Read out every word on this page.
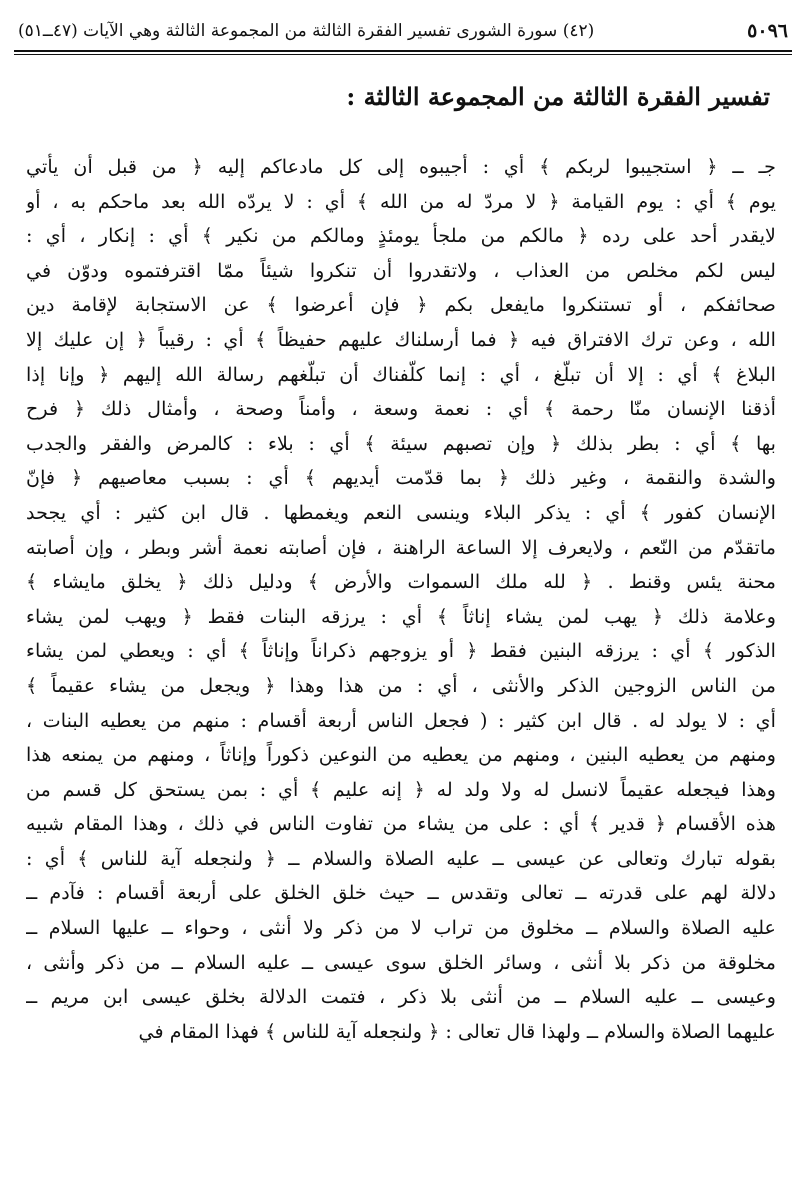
٥٠٩٦
(٤٢) سورة الشورى تفسير الفقرة الثالثة من المجموعة الثالثة وهي الآيات (٤٧ــ٥١)
تفسير الفقرة الثالثة من المجموعة الثالثة :
جـ ــ ﴿ استجيبوا لربكم ﴾ أي : أجيبوه إلى كل مادعاكم إليه ﴿ من قبل أن يأتي
يوم ﴾ أي : يوم القيامة ﴿ لا مردّ له من الله ﴾ أي : لا يردّه الله بعد ماحكم به ، أو
لايقدر أحد على رده ﴿ مالكم من ملجأ يومئذٍ ومالكم من نكير ﴾ أي : إنكار ، أي :
ليس لكم مخلص من العذاب ، ولاتقدروا أن تنكروا شيئاً ممّا اقترفتموه ودوّن في
صحائفكم ، أو تستنكروا مايفعل بكم ﴿ فإن أعرضوا ﴾ عن الاستجابة لإقامة دين
الله ، وعن ترك الافتراق فيه ﴿ فما أرسلناك عليهم حفيظاً ﴾ أي : رقيباً ﴿ إن عليك إلا
البلاغ ﴾ أي : إلا أن تبلّغ ، أي : إنما كلّفناك أن تبلّغهم رسالة الله إليهم ﴿ وإنا إذا
أذقنا الإنسان منّا رحمة ﴾ أي : نعمة وسعة ، وأمناً وصحة ، وأمثال ذلك ﴿ فرح
بها ﴾ أي : بطر بذلك ﴿ وإن تصبهم سيئة ﴾ أي : بلاء : كالمرض والفقر والجدب
والشدة والنقمة ، وغير ذلك ﴿ بما قدّمت أيديهم ﴾ أي : بسبب معاصيهم ﴿ فإنّ
الإنسان كفور ﴾ أي : يذكر البلاء وينسى النعم ويغمطها . قال ابن كثير : أي يجحد
ماتقدّم من النّعم ، ولايعرف إلا الساعة الراهنة ، فإن أصابته نعمة أشر وبطر ، وإن أصابته
محنة يئس وقنط . ﴿ لله ملك السموات والأرض ﴾ ودليل ذلك ﴿ يخلق مايشاء ﴾
وعلامة ذلك ﴿ يهب لمن يشاء إناثاً ﴾ أي : يرزقه البنات فقط ﴿ ويهب لمن يشاء
الذكور ﴾ أي : يرزقه البنين فقط ﴿ أو يزوجهم ذكراناً وإناثاً ﴾ أي : ويعطي لمن يشاء
من الناس الزوجين الذكر والأنثى ، أي : من هذا وهذا ﴿ ويجعل من يشاء عقيماً ﴾
أي : لا يولد له . قال ابن كثير : ( فجعل الناس أربعة أقسام : منهم من يعطيه البنات ،
ومنهم من يعطيه البنين ، ومنهم من يعطيه من النوعين ذكوراً وإناثاً ، ومنهم من يمنعه هذا
وهذا فيجعله عقيماً لانسل له ولا ولد له ﴿ إنه عليم ﴾ أي : بمن يستحق كل قسم من
هذه الأقسام ﴿ قدير ﴾ أي : على من يشاء من تفاوت الناس في ذلك ، وهذا المقام شبيه
بقوله تبارك وتعالى عن عيسى ــ عليه الصلاة والسلام ــ ﴿ ولنجعله آية للناس ﴾ أي :
دلالة لهم على قدرته ــ تعالى وتقدس ــ حيث خلق الخلق على أربعة أقسام : فآدم ــ
عليه الصلاة والسلام ــ مخلوق من تراب لا من ذكر ولا أنثى ، وحواء ــ عليها السلام ــ
مخلوقة من ذكر بلا أنثى ، وسائر الخلق سوى عيسى ــ عليه السلام ــ من ذكر وأنثى ،
وعيسى ــ عليه السلام ــ من أنثى بلا ذكر ، فتمت الدلالة بخلق عيسى ابن مريم ــ
عليهما الصلاة والسلام ــ ولهذا قال تعالى : ﴿ ولنجعله آية للناس ﴾ فهذا المقام في
